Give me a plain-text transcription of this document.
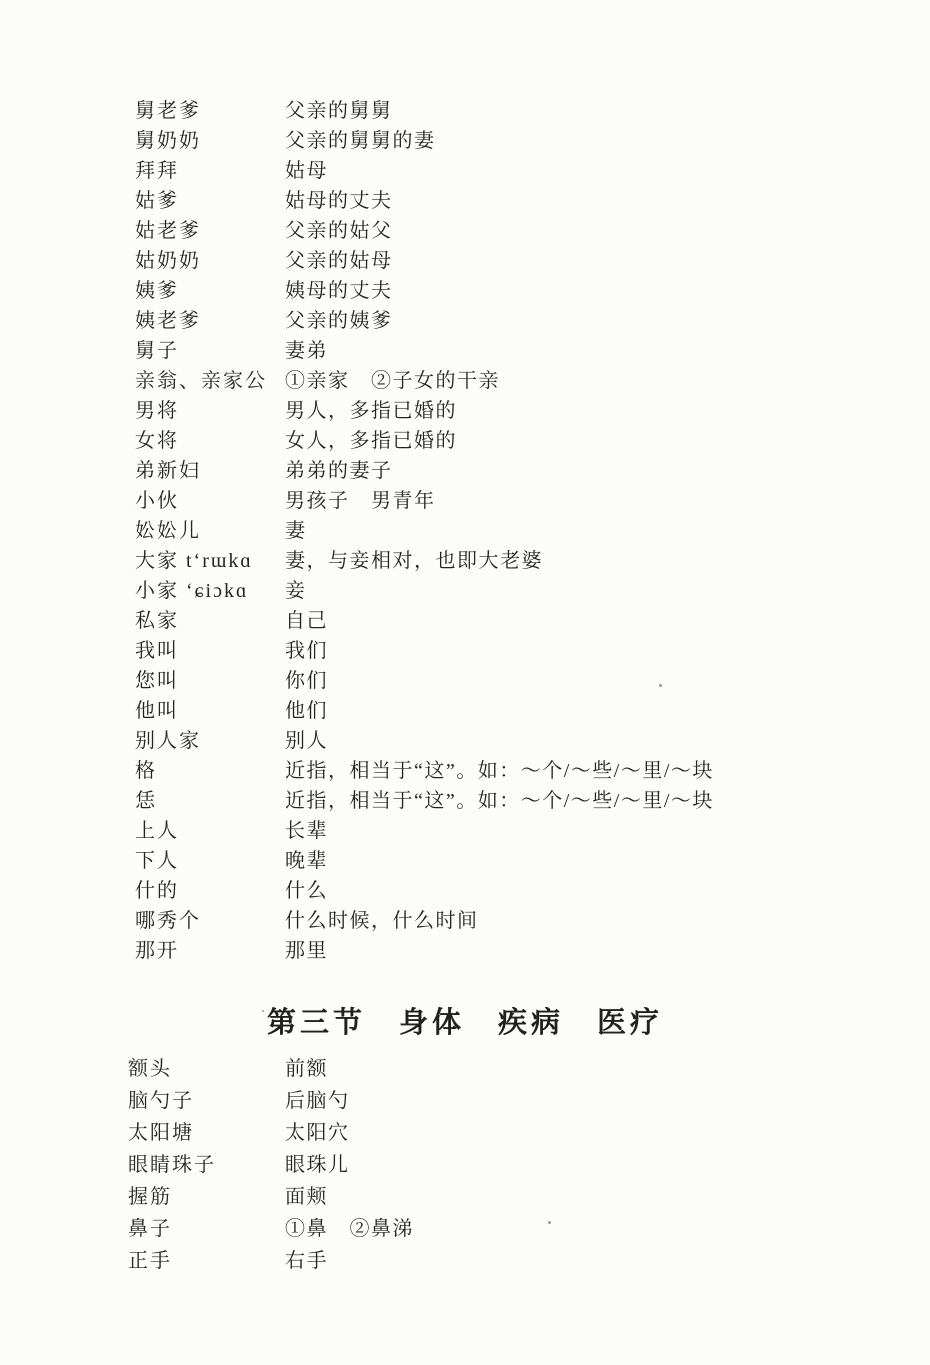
舅老爹	父亲的舅舅
舅奶奶	父亲的舅舅的妻
拜拜	姑母
姑爹	姑母的丈夫
姑老爹	父亲的姑父
姑奶奶	父亲的姑母
姨爹	姨母的丈夫
姨老爹	父亲的姨爹
舅子	妻弟
亲翁、亲家公 ①亲家　②子女的干亲
男将	男人，多指已婚的
女将	女人，多指已婚的
弟新妇	弟弟的妻子
小伙	男孩子　男青年
妐妐儿	妻
大家 t‘rɯkɑ	妻，与妾相对，也即大老婆
小家 ‘ɕiɔkɑ	妾
私家	自己
我叫	我们
您叫	你们
他叫	他们
别人家	别人
格	近指，相当于“这”。如：～个/～些/～里/～块
恁	近指，相当于“这”。如：～个/～些/～里/～块
上人	长辈
下人	晚辈
什的	什么
哪秀个	什么时候，什么时间
那开	那里
第三节　身体　疾病　医疗
额头	前额
脑勺子	后脑勺
太阳塘	太阳穴
眼睛珠子	眼珠儿
握筋	面颊
鼻子	①鼻　②鼻涕
正手	右手
